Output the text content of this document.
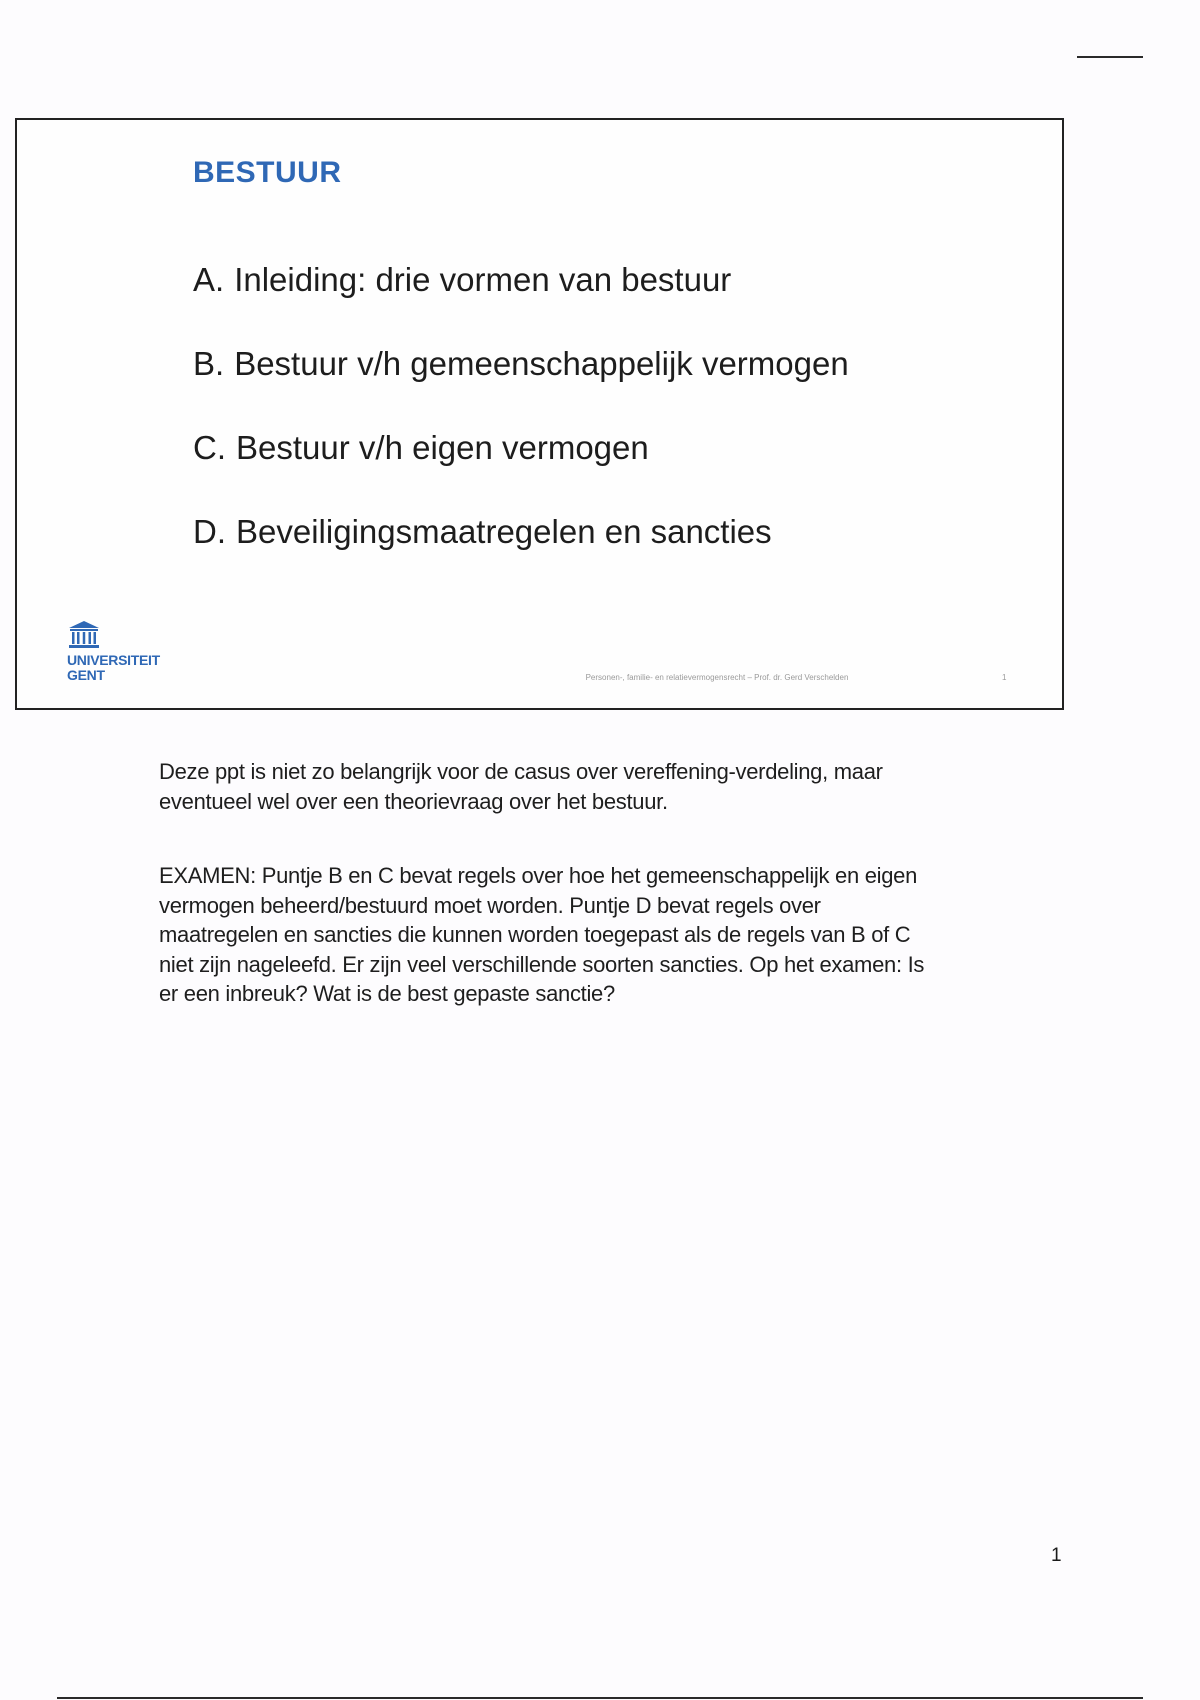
BESTUUR
A. Inleiding: drie vormen van bestuur
B. Bestuur v/h gemeenschappelijk vermogen
C. Bestuur v/h eigen vermogen
D. Beveiligingsmaatregelen en sancties
UNIVERSITEIT
GENT	Personen-, familie- en relatievermogensrecht – Prof. dr. Gerd Verschelden	1

Deze ppt is niet zo belangrijk voor de casus over vereffening-verdeling, maar eventueel wel over een theorievraag over het bestuur.

EXAMEN: Puntje B en C bevat regels over hoe het gemeenschappelijk en eigen vermogen beheerd/bestuurd moet worden. Puntje D bevat regels over maatregelen en sancties die kunnen worden toegepast als de regels van B of C niet zijn nageleefd. Er zijn veel verschillende soorten sancties. Op het examen: Is er een inbreuk? Wat is de best gepaste sanctie?

1
